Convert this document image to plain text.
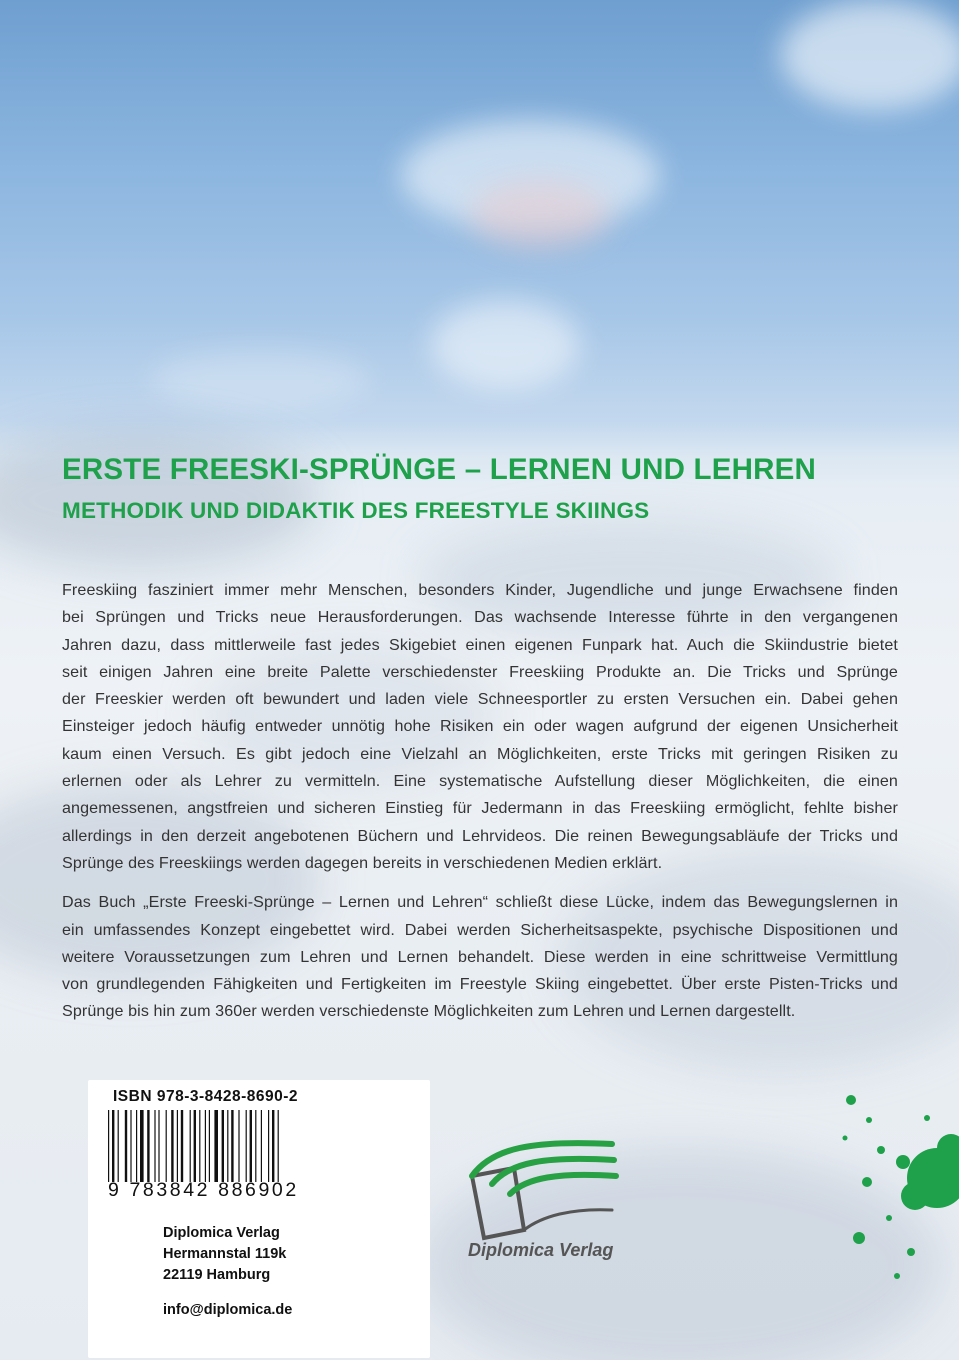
ERSTE FREESKI-SPRÜNGE – LERNEN UND LEHREN
METHODIK UND DIDAKTIK DES FREESTYLE SKIINGS
Freeskiing fasziniert immer mehr Menschen, besonders Kinder, Jugendliche und junge Erwachsene finden
bei Sprüngen und Tricks neue Herausforderungen. Das wachsende Interesse führte in den vergangenen
Jahren dazu, dass mittlerweile fast jedes Skigebiet einen eigenen Funpark hat. Auch die Skiindustrie bietet
seit einigen Jahren eine breite Palette verschiedenster Freeskiing Produkte an. Die Tricks und Sprünge
der Freeskier werden oft bewundert und laden viele Schneesportler zu ersten Versuchen ein. Dabei gehen
Einsteiger jedoch häufig entweder unnötig hohe Risiken ein oder wagen aufgrund der eigenen Unsicherheit
kaum einen Versuch. Es gibt jedoch eine Vielzahl an Möglichkeiten, erste Tricks mit geringen Risiken zu
erlernen oder als Lehrer zu vermitteln. Eine systematische Aufstellung dieser Möglichkeiten, die einen
angemessenen, angstfreien und sicheren Einstieg für Jedermann in das Freeskiing ermöglicht, fehlte bisher
allerdings in den derzeit angebotenen Büchern und Lehrvideos. Die reinen Bewegungsabläufe der Tricks und
Sprünge des Freeskiings werden dagegen bereits in verschiedenen Medien erklärt.
Das Buch „Erste Freeski-Sprünge – Lernen und Lehren“ schließt diese Lücke, indem das Bewegungslernen in
ein umfassendes Konzept eingebettet wird. Dabei werden Sicherheitsaspekte, psychische Dispositionen und
weitere Voraussetzungen zum Lehren und Lernen behandelt. Diese werden in eine schrittweise Vermittlung
von grundlegenden Fähigkeiten und Fertigkeiten im Freestyle Skiing eingebettet. Über erste Pisten-Tricks und
Sprünge bis hin zum 360er werden verschiedenste Möglichkeiten zum Lehren und Lernen dargestellt.
ISBN 978-3-8428-8690-2
9 783842 886902
Diplomica Verlag
Hermannstal 119k
22119 Hamburg
info@diplomica.de
Diplomica Verlag
